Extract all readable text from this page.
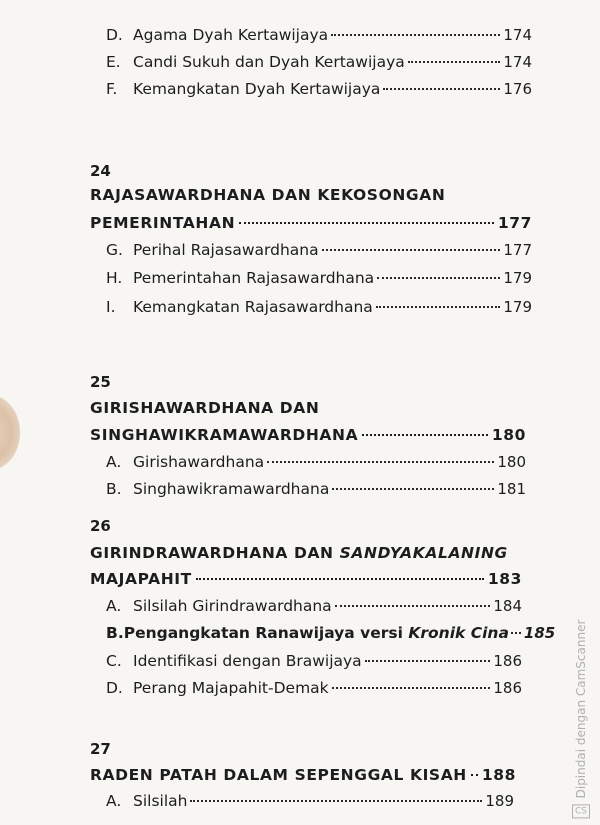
D. Agama Dyah Kertawijaya	174
E. Candi Sukuh dan Dyah Kertawijaya	174
F.	Kemangkatan Dyah Kertawijaya	176
24
RAJASAWARDHANA DAN KEKOSONGAN
PEMERINTAHAN	177
G. Perihal Rajasawardhana	177
H. Pemerintahan Rajasawardhana	179
I.	Kemangkatan Rajasawardhana	179
25
GIRISHAWARDHANA DAN
SINGHAWIKRAMAWARDHANA	180
A. Girishawardhana	180
B. Singhawikramawardhana	181
26
GIRINDRAWARDHANA DAN SANDYAKALANING
MAJAPAHIT	183
A. Silsilah Girindrawardhana	184
B. Pengangkatan Ranawijaya versi
Kronik Cina 185
C. Identifikasi dengan Brawijaya	186
D. Perang Majapahit-Demak	186
27
RADEN PATAH DALAM SEPENGGAL KISAH 188
A. Silsilah	189
CS
Dipindai dengan CamScanner
